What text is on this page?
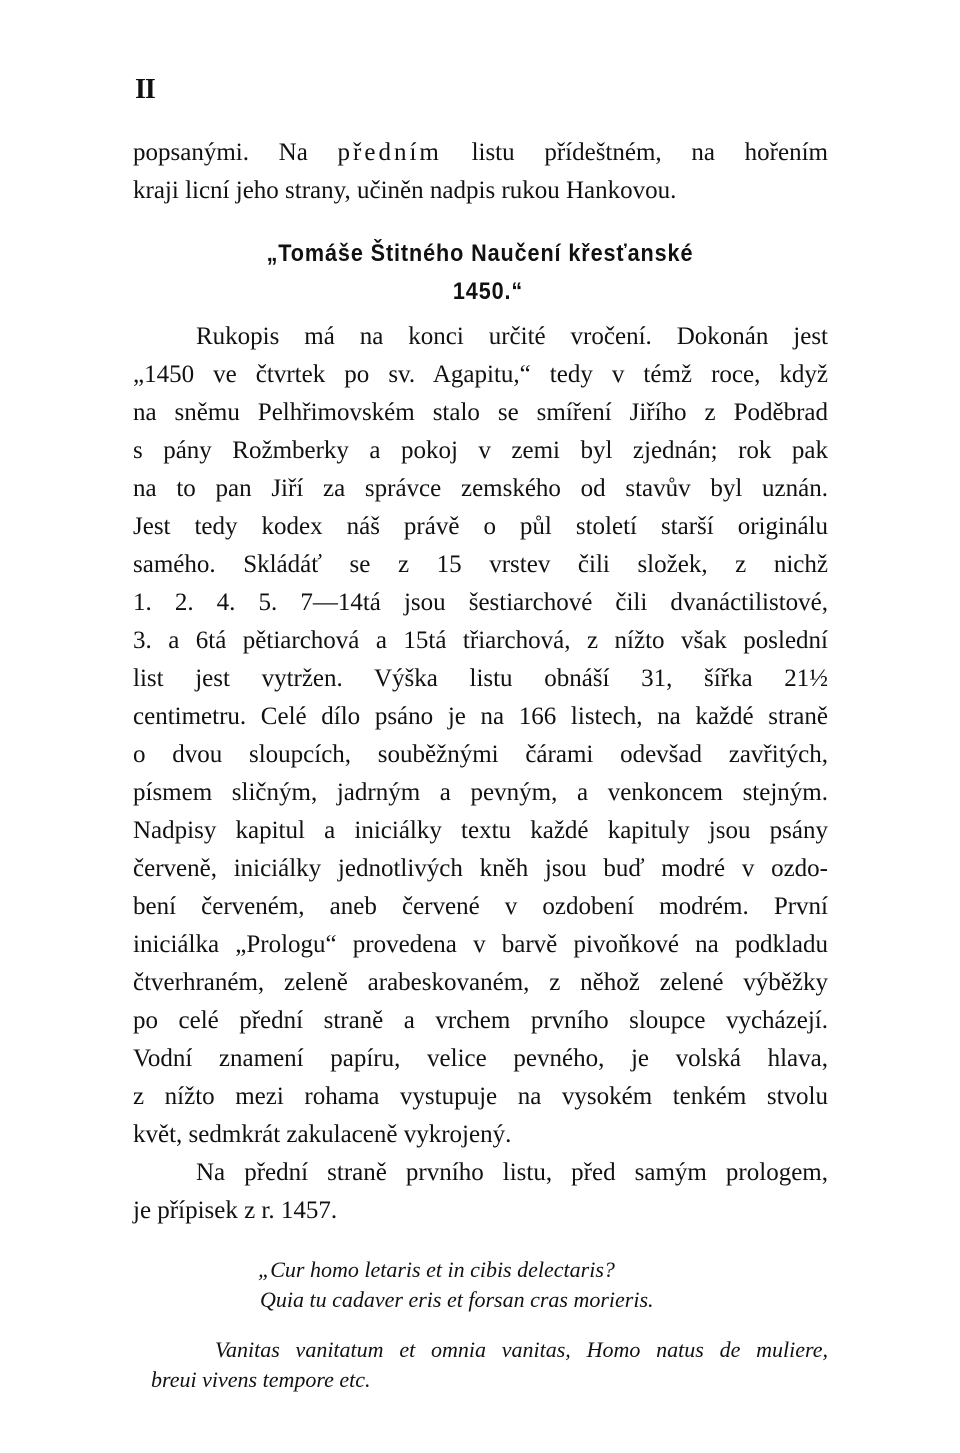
II
popsanými. Na předním listu přídeštném, na hořením
kraji licní jeho strany, učiněn nadpis rukou Hankovou.
„Tomáše Štitného Naučení křesťanské
1450.“
Rukopis má na konci určité vročení. Dokonán jest
„1450 ve čtvrtek po sv. Agapitu,“ tedy v témž roce, když
na sněmu Pelhřimovském stalo se smíření Jiřího z Poděbrad
s pány Rožmberky a pokoj v zemi byl zjednán; rok pak
na to pan Jiří za správce zemského od stavův byl uznán.
Jest tedy kodex náš právě o půl století starší originálu
samého. Skládáť se z 15 vrstev čili složek, z nichž
1. 2. 4. 5. 7—14tá jsou šestiarchové čili dvanáctilistové,
3. a 6tá pětiarchová a 15tá třiarchová, z nížto však poslední
list jest vytržen. Výška listu obnáší 31, šířka 21½
centimetru. Celé dílo psáno je na 166 listech, na každé straně
o dvou sloupcích, souběžnými čárami odevšad zavřitých,
písmem sličným, jadrným a pevným, a venkoncem stejným.
Nadpisy kapitul a iniciálky textu každé kapituly jsou psány
červeně, iniciálky jednotlivých kněh jsou buď modré v ozdo-
bení červeném, aneb červené v ozdobení modrém. První
iniciálka „Prologu“ provedena v barvě pivoňkové na podkladu
čtverhraném, zeleně arabeskovaném, z něhož zelené výběžky
po celé přední straně a vrchem prvního sloupce vycházejí.
Vodní znamení papíru, velice pevného, je volská hlava,
z nížto mezi rohama vystupuje na vysokém tenkém stvolu
květ, sedmkrát zakulaceně vykrojený.
Na přední straně prvního listu, před samým prologem,
je přípisek z r. 1457.
„Cur homo letaris et in cibis delectaris?
Quia tu cadaver eris et forsan cras morieris.
Vanitas vanitatum et omnia vanitas, Homo natus de muliere,
breui vivens tempore etc.
